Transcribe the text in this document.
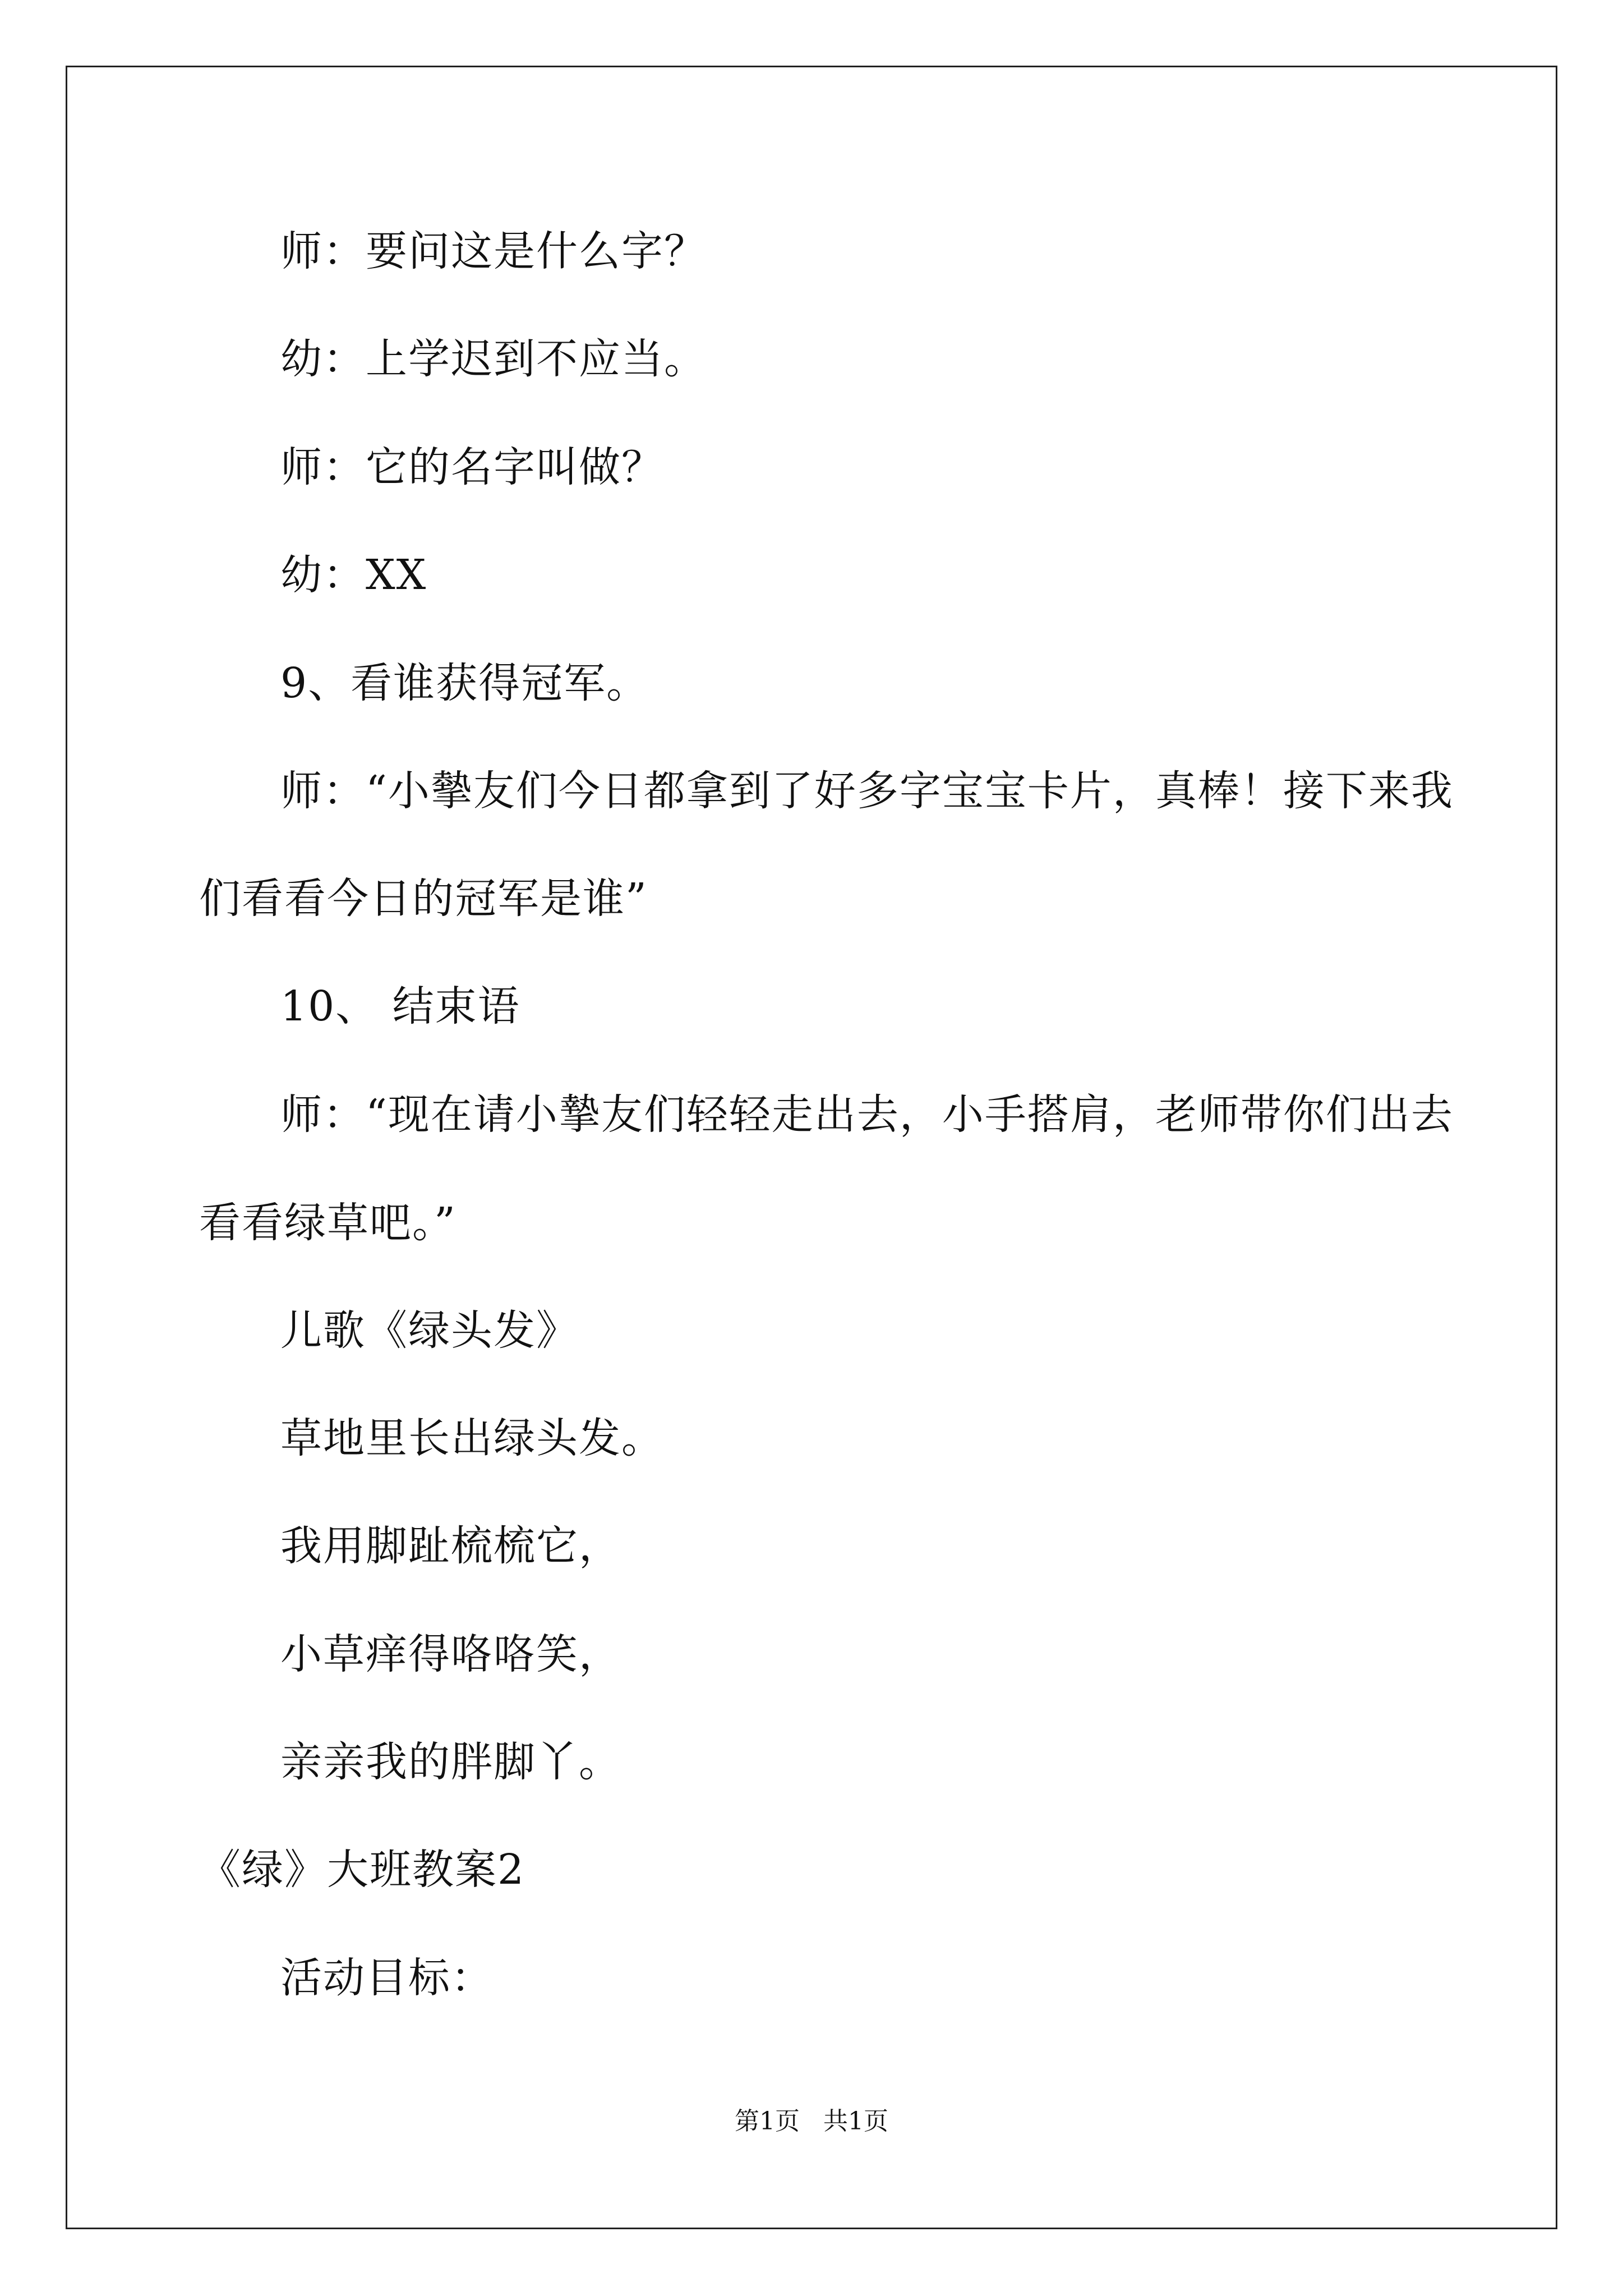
师：要问这是什么字？
幼：上学迟到不应当。
师：它的名字叫做？
幼：XX
9、看谁获得冠军。
师：“小摰友们今日都拿到了好多字宝宝卡片，真棒！接下来我
们看看今日的冠军是谁”
10、 结束语
师：“现在请小摯友们轻轻走出去，小手搭肩，老师带你们出去
看看绿草吧。”
儿歌《绿头发》
草地里长出绿头发。
我用脚趾梳梳它，
小草痒得咯咯笑，
亲亲我的胖脚丫。
《绿》大班教案2
活动目标：
第1页   共1页
